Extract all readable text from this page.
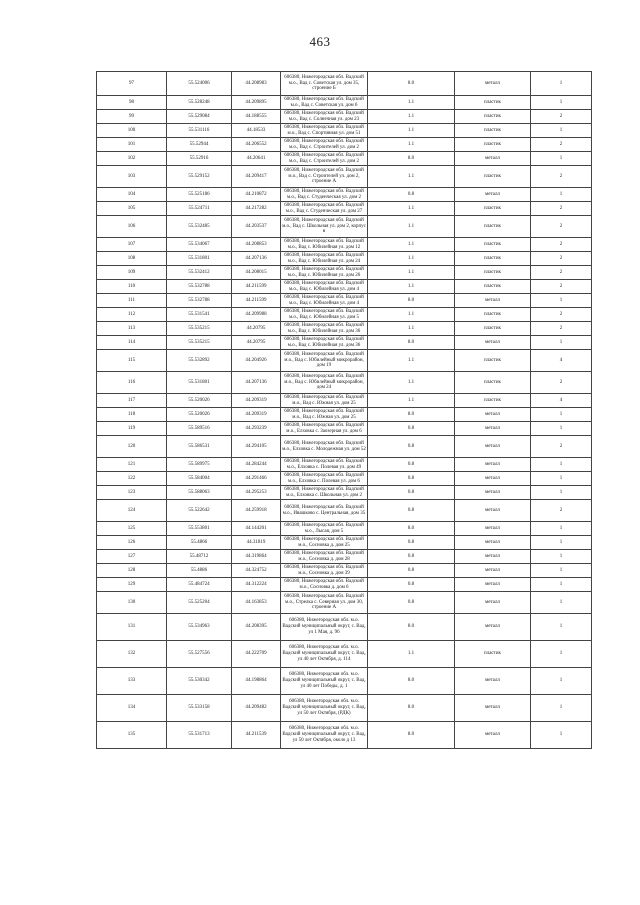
463
97	55.524006	44.208983	606380, Нижегородская обл. Вадский м.о., Вад с. Советская ул. дом 35, строение Б	8.0	металл	1
98	55.528248	44.209895	606380, Нижегородская обл. Вадский м.о., Вад с. Советская ул. дом 6	1.1	пластик	1
99	55.529084	44.188555	606380, Нижегородская обл. Вадский м.о., Вад с. Солнечная ул. дом 23	1.1	пластик	2
100	55.531116	44.18533	606380, Нижегородская обл. Вадский м.о., Вад с. Спортивная ул. дом 51	1.1	пластик	1
101	55.52944	44.206552	606380, Нижегородская обл. Вадский м.о., Вад с. Строителей ул. дом 2	1.1	пластик	2
102	55.52916	44.20641	606380, Нижегородская обл. Вадский м.о., Вад с. Строителей ул. дом 2	8.0	металл	1
103	55.529152	44.209417	606380, Нижегородская обл. Вадский м.о., Вад с. Строителей ул. дом 2, строение А	1.1	пластик	2
104	55.525186	44.210872	606380, Нижегородская обл. Вадский м.о., Вад с. Студенческая ул. дом 2	0.8	металл	1
105	55.524711	44.217282	606380, Нижегородская обл. Вадский м.о., Вад с. Студенческая ул. дом 27	1.1	пластик	2
106	55.532485	44.203537	606380, Нижегородская обл. Вадский м.о., Вад с. Школьная ул. дом 2, корпус в	1.1	пластик	2
107	55.534067	44.208853	606380, Нижегородская обл. Вадский м.о., Вад с. Юбилейная ул. дом 12	1.1	пластик	2
108	55.531801	44.207136	606380, Нижегородская обл. Вадский м.о., Вад с. Юбилейная ул. дом 24	1.1	пластик	2
109	55.532412	44.208015	606380, Нижегородская обл. Вадский м.о., Вад с. Юбилейная ул. дом 26	1.1	пластик	2
110	55.532788	44.211599	606380, Нижегородская обл. Вадский м.о., Вад с. Юбилейная ул. дом 4	1.1	пластик	2
111	55.532788	44.211599	606380, Нижегородская обл. Вадский м.о., Вад с. Юбилейная ул. дом 4	8.0	металл	1
112	55.531541	44.209988	606380, Нижегородская обл. Вадский м.о., Вад с. Юбилейная ул. дом 5	1.1	пластик	2
113	55.535215	44.20795	606380, Нижегородская обл. Вадский м.о., Вад с. Юбилейная ул. дом 36	1.1	пластик	2
114	55.535215	44.20795	606380, Нижегородская обл. Вадский м.о., Вад с. Юбилейная ул. дом 36	8.0	металл	1
115	55.532892	44.204926	606380, Нижегородская обл. Вадский м.о., Вад с. Юбилейный микрорайон, дом 19	1.1	пластик	4
116	55.531801	44.207136	606380, Нижегородская обл. Вадский м.о., Вад с. Юбилейный микрорайон, дом 24	1.1	пластик	2
117	55.520026	44.209319	606380, Нижегородская обл. Вадский м.о., Вад с. Южная ул. дом 25	1.1	пластик	4
118	55.520026	44.209319	606380, Нижегородская обл. Вадский м.о., Вад с. Южная ул. дом 25	8.0	металл	1
119	55.589516	44.293239	606380, Нижегородская обл. Вадский м.о., Елховка с. Заозерная ул. дом 6	0.8	металл	1
120	55.586531	44.294105	606380, Нижегородская обл. Вадский м.о., Елховка с. Молодежная ул. дом 52	0.8	металл	2
121	55.589975	44.284244	606380, Нижегородская обл. Вадский м.о., Елховка с. Полевая ул. дом 49	0.8	металл	1
122	55.584004	44.291466	606380, Нижегородская обл. Вадский м.о., Елховка с. Полевая ул. дом 6	0.8	металл	1
123	55.588063	44.295253	606380, Нижегородская обл. Вадский м.о., Елховка с. Школьная ул. дом 2	0.8	металл	1
124	55.522642	44.259918	606380, Нижегородская обл. Вадский м.о., Ивашково с. Центральная, дом 35	0.8	металл	2
125	55.553801	44.144201	606380, Нижегородская обл. Вадский м.о., Лысая, дом 5	8.0	металл	1
126	55.4866	44.31819	606380, Нижегородская обл. Вадский м.о., Сосновка д. дом 25	0.8	металл	1
127	55.48712	44.319864	606380, Нижегородская обл. Вадский м.о., Сосновка д. дом 28	0.8	металл	1
128	55.4886	44.324752	606380, Нижегородская обл. Вадский м.о., Сосновка д. дом 39	0.8	металл	1
129	55.484724	44.312224	606380, Нижегородская обл. Вадский м.о., Сосновка д. дом 6	0.8	металл	1
130	55.525204	44.163853	606380, Нижегородская обл. Вадский м.о., Стрелка с. Северная ул. дом 30, строение А	0.8	металл	1
131	55.534963	44.208395	606380, Нижегородская обл. м.о. Вадский муниципальный округ, с. Вад, ул 1 Мая, д. 96	8.0	металл	1
132	55.527556	44.222709	606380, Нижегородская обл. м.о. Вадский муниципальный округ, с. Вад, ул 40 лет Октября, д. 114	1.1	пластик	1
133	55.530342	44.198864	606380, Нижегородская обл. м.о. Вадский муниципальный округ, с. Вад, ул 40 лет Победы, д. 1	8.0	металл	1
134	55.533158	44.209482	606380, Нижегородская обл. м.о. Вадский муниципальный округ, с. Вад, ул 50 лет Октября, (РДК)	8.0	металл	1
135	55.531713	44.211539	606380, Нижегородская обл. м.о. Вадский муниципальный округ, с. Вад, ул 50 лет Октября, около д 13	8.0	металл	1
